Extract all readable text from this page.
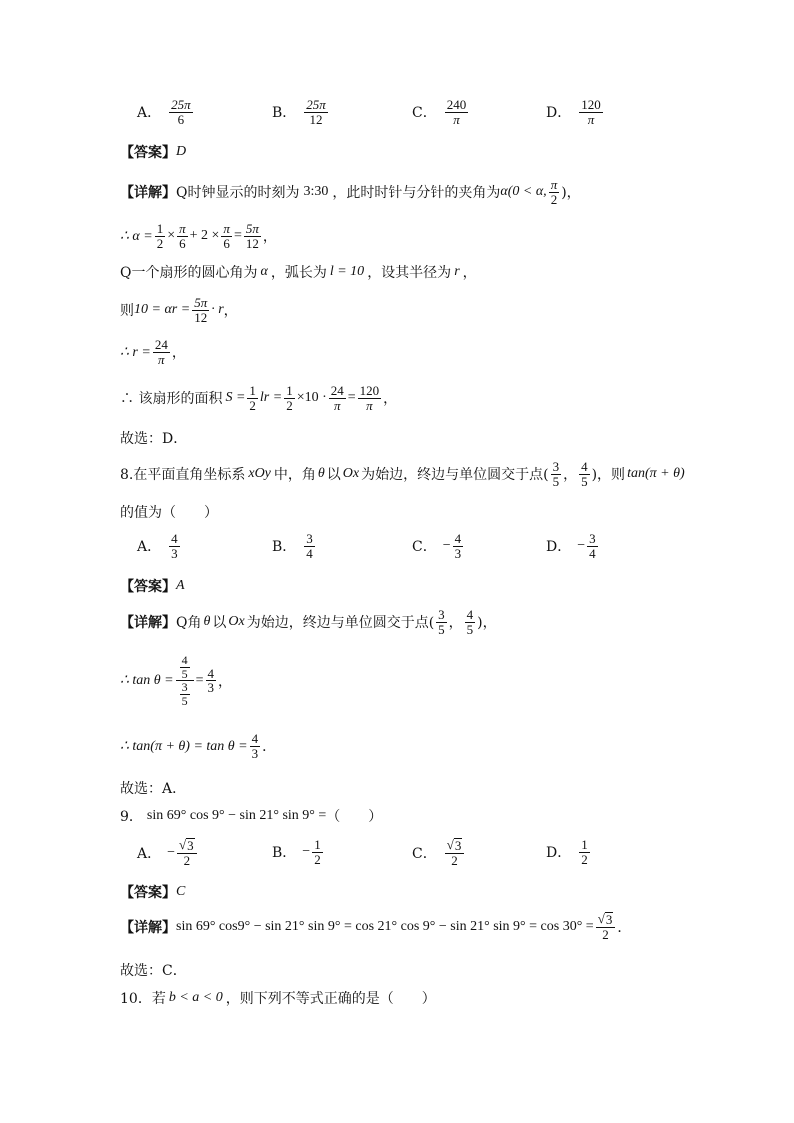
A． $\frac{25\pi}{6}$	B． $\frac{25\pi}{12}$	C． $\frac{240}{\pi}$	D． $\frac{120}{\pi}$
【答案】 D
【详解】 Q时钟显示的时刻为 3:30 ，此时时针与分针的夹角为 α(0 < α, $\frac{\pi}{2}$ )，
∴ $\alpha = \frac{1}{2} \times \frac{\pi}{6} + 2 \times \frac{\pi}{6} = \frac{5\pi}{12}$ ，
Q一个扇形的圆心角为 α ，弧长为 l = 10 ，设其半径为 r ，
则 $10 = \alpha r = \frac{5\pi}{12} \cdot r$ ，
∴ $r = \frac{24}{\pi}$ ，
∴ 该扇形的面积 $S = \frac{1}{2}$ lr = $\frac{1}{2} \times 10 \cdot \frac{24}{\pi} = \frac{120}{\pi}$ ，
故选：D．
8.在平面直角坐标系 xOy 中，角 θ 以 Ox 为始边，终边与单位圆交于点( $\frac{3}{5}$ ， $\frac{4}{5}$ )，则 tan(π + θ)
的值为（　　）
A． $\frac{4}{3}$	B． $\frac{3}{4}$	C． − $\frac{4}{3}$	D． − $\frac{3}{4}$
【答案】 A
【详解】 Q角 θ 以 Ox 为始边，终边与单位圆交于点( $\frac{3}{5}$ ， $\frac{4}{5}$ )，
∴ $\tan \theta = \frac{\frac{4}{5}}{\frac{3}{5}} = \frac{4}{3}$ ，
∴ $\tan(\pi + \theta) = \tan \theta = \frac{4}{3}$ ．
故选：A．
9． sin 69° cos 9° − sin 21° sin 9° = （　　）
A． − $\frac{√ 3}{2}$	B． − $\frac{1}{2}$	C． $\frac{√ 3}{2}$	D． $\frac{1}{2}$
【答案】 C
【详解】 sin 69° cos9° − sin 21° sin 9° = cos 21° cos 9° − sin 21° $\sin 9^\circ = \cos 30^\circ = \frac{√ 3}{2}$ ．
故选：C．
10．若 b < a < 0 ，则下列不等式正确的是（　　）
